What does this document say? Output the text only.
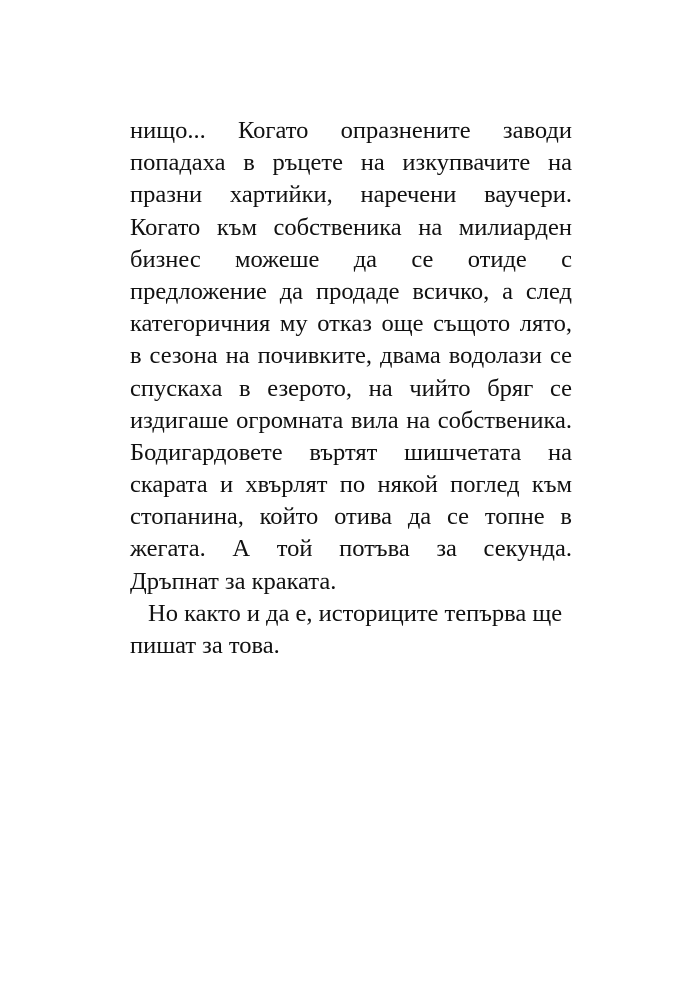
нищо... Когато опразнените заводи
попадаха в ръцете на изкупвачите на
празни хартийки, наречени ваучери.
Когато към собственика на милиарден
бизнес можеше да се отиде с
предложение да продаде всичко, а след
категоричния му отказ още същото лято,
в сезона на почивките, двама водолази се
спускаха в езерото, на чийто бряг се
издигаше огромната вила на собственика.
Бодигардовете въртят шишчетата на
скарата и хвърлят по някой поглед към
стопанина, който отива да се топне в
жегата. А той потъва за секунда.
Дръпнат за краката.
Но както и да е, историците тепърва ще
пишат за това.
